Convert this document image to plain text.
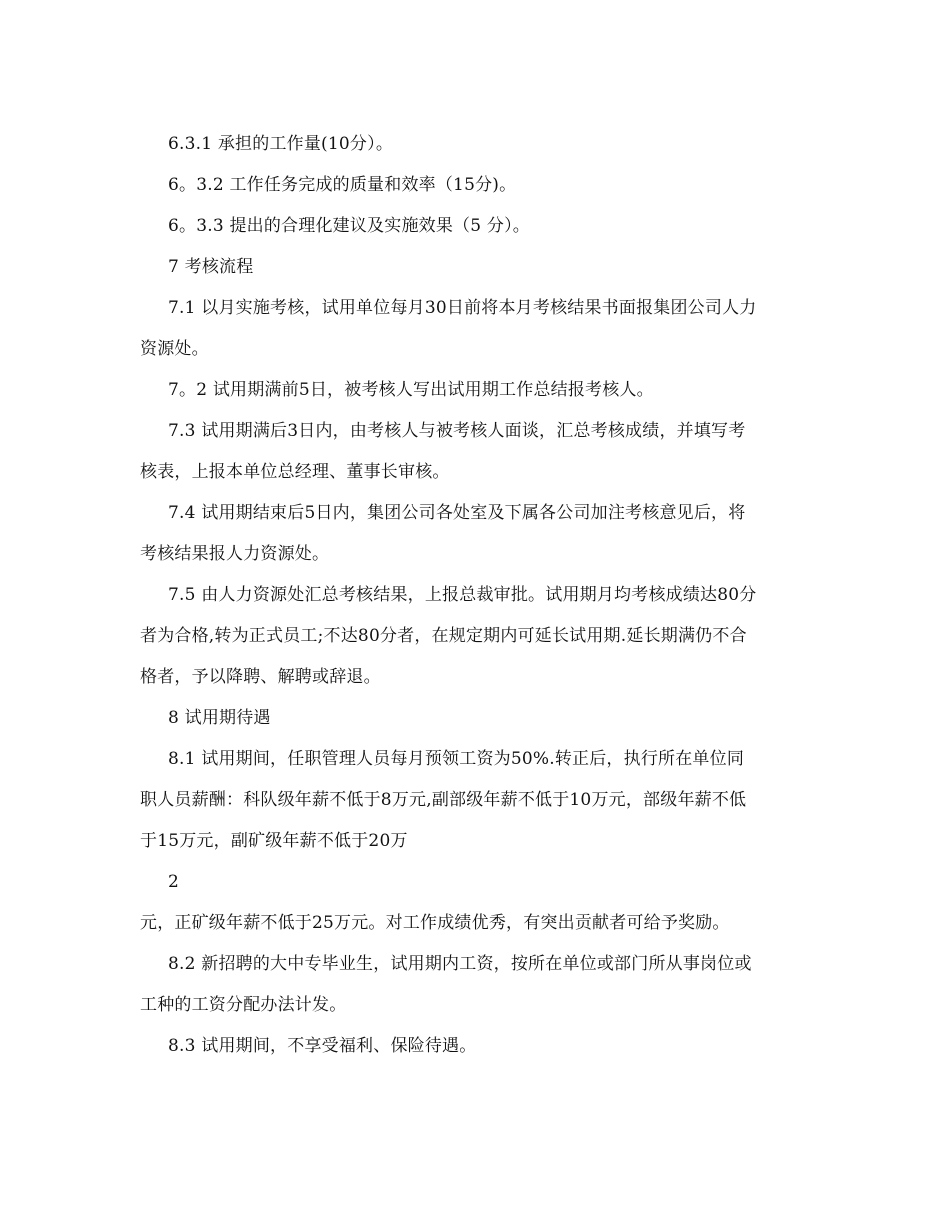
6.3.1 承担的工作量(10分）。

6。3.2 工作任务完成的质量和效率（15分)。

6。3.3 提出的合理化建议及实施效果（5 分）。

7 考核流程

7.1 以月实施考核，试用单位每月30日前将本月考核结果书面报集团公司人力

资源处。

7。2 试用期满前5日，被考核人写出试用期工作总结报考核人。

7.3 试用期满后3日内，由考核人与被考核人面谈，汇总考核成绩，并填写考

核表，上报本单位总经理、董事长审核。

7.4 试用期结束后5日内，集团公司各处室及下属各公司加注考核意见后，将

考核结果报人力资源处。

7.5 由人力资源处汇总考核结果，上报总裁审批。试用期月均考核成绩达80分

者为合格,转为正式员工;不达80分者，在规定期内可延长试用期.延长期满仍不合

格者，予以降聘、解聘或辞退。

8 试用期待遇

8.1 试用期间，任职管理人员每月预领工资为50%.转正后，执行所在单位同

职人员薪酬：科队级年薪不低于8万元,副部级年薪不低于10万元，部级年薪不低

于15万元，副矿级年薪不低于20万

2

元，正矿级年薪不低于25万元。对工作成绩优秀，有突出贡献者可给予奖励。

8.2 新招聘的大中专毕业生，试用期内工资，按所在单位或部门所从事岗位或

工种的工资分配办法计发。

8.3 试用期间，不享受福利、保险待遇。
